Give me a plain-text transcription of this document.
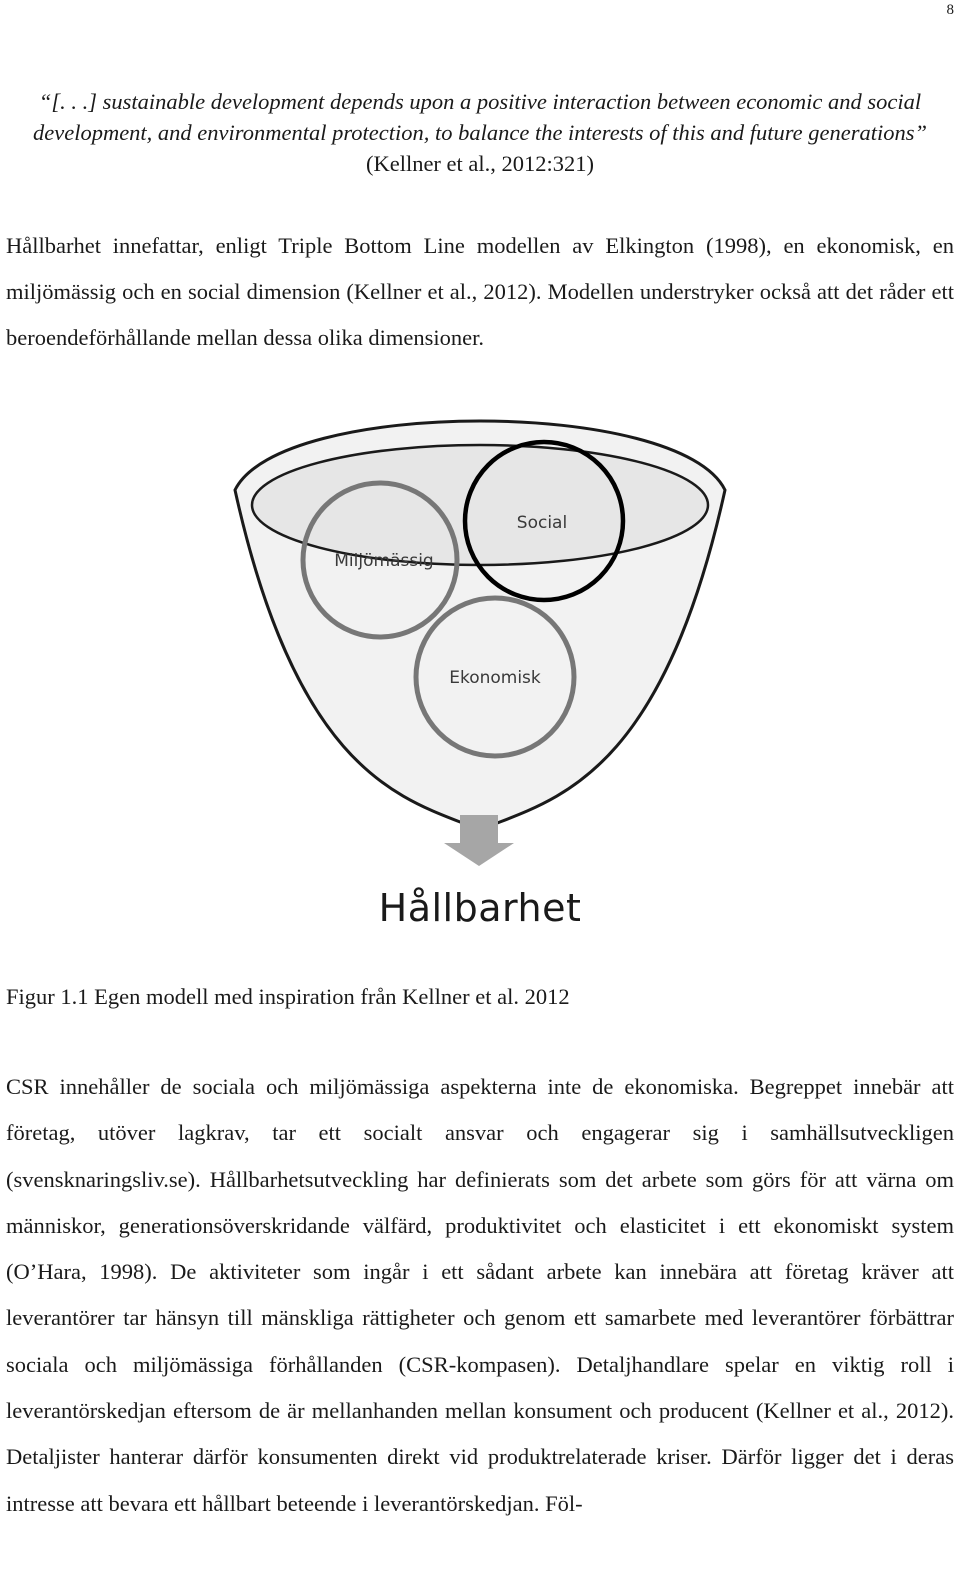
8
“[. . .] sustainable development depends upon a positive interaction between economic and social development, and environmental protection, to balance the interests of this and future generations” (Kellner et al., 2012:321)
Hållbarhet innefattar, enligt Triple Bottom Line modellen av Elkington (1998), en ekonomisk, en miljömässig och en social dimension (Kellner et al., 2012). Modellen understryker också att det råder ett beroendeförhållande mellan dessa olika dimensioner.
Miljömässig
Social
Ekonomisk
Hållbarhet
Figur 1.1 Egen modell med inspiration från Kellner et al. 2012
CSR innehåller de sociala och miljömässiga aspekterna inte de ekonomiska. Begreppet innebär att företag, utöver lagkrav, tar ett socialt ansvar och engagerar sig i samhällsutveckligen (svensknaringsliv.se). Hållbarhetsutveckling har definierats som det arbete som görs för att värna om människor, generationsöverskridande välfärd, produktivitet och elasticitet i ett ekonomiskt system (O’Hara, 1998). De aktiviteter som ingår i ett sådant arbete kan innebära att företag kräver att leverantörer tar hänsyn till mänskliga rättigheter och genom ett samarbete med leverantörer förbättrar sociala och miljömässiga förhållanden (CSR-kompasen). Detaljhandlare spelar en viktig roll i leverantörskedjan eftersom de är mellanhanden mellan konsument och producent (Kellner et al., 2012). Detaljister hanterar därför konsumenten direkt vid produktrelaterade kriser. Därför ligger det i deras intresse att bevara ett hållbart beteende i leverantörskedjan. Föl-
